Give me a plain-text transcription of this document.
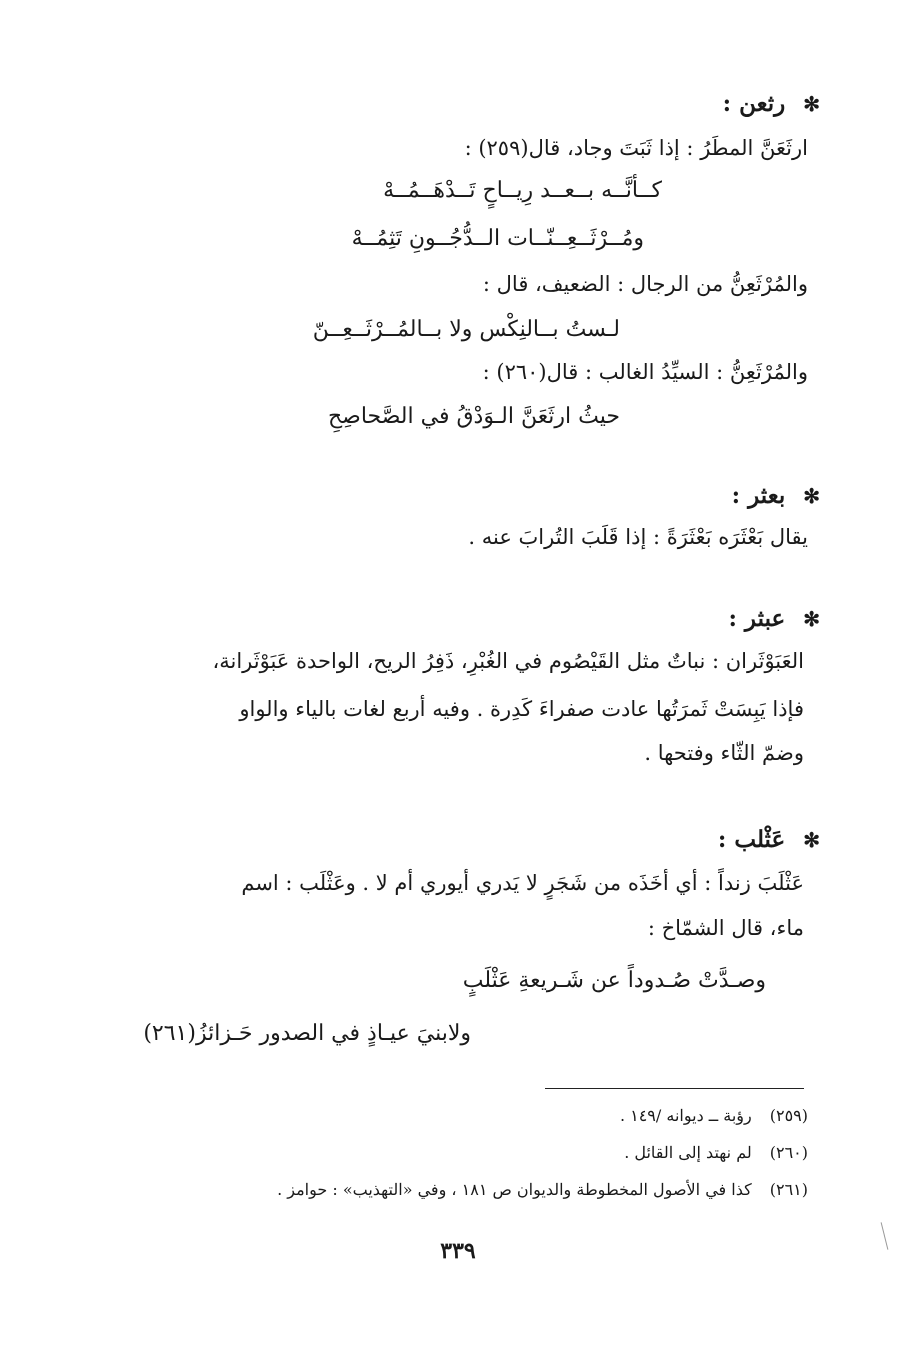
✻رثعن :
ارثَعَنَّ المطَرُ : إذا ثَبَتَ وجاد، قال(٢٥٩) :
كــأنَّــه بــعــد رِيــاحٍ تَــدْهَــمُــهْ
ومُــرْثَــعِــنّــات الــدُّجُــونِ تَثِمُــهْ
والمُرْثَعِنُّ من الرجال : الضعيف، قال :
لـستُ بــالنِكْس ولا بــالمُــرْثَــعِــنّ
والمُرْثَعِنُّ : السيِّدُ الغالب : قال(٢٦٠) :
حيثُ ارثَعَنَّ الـوَدْقُ في الصَّحاصِحِ
✻بعثر :
يقال بَعْثَرَه بَعْثَرَةً : إذا قَلَبَ التُرابَ عنه .
✻عبثر :
العَبَوْثَران : نباتٌ مثل القَيْصُوم في الغُبْرِ، ذَفِرُ الريح، الواحدة عَبَوْثَرانة،
فإذا يَبِسَتْ ثَمرَتُها عادت صفراءَ كَدِرة . وفيه أربع لغات بالياء والواو
وضمّ الثّاء وفتحها .
✻عَثْلب :
عَثْلَبَ زنداً : أي أخَذَه من شَجَرٍ لا يَدري أيوري أم لا . وعَثْلَب : اسم
ماء، قال الشمّاخ :
وصـدَّتْ صُـدوداً عن شَـريعةِ عَثْلَبٍ
ولابنيَ عيـاذٍ في الصدور حَـزائزُ(٢٦١)
(٢٥٩)رؤبة ــ ديوانه /١٤٩ .
(٢٦٠)لم نهتد إلى القائل .
(٢٦١)كذا في الأصول المخطوطة والديوان ص ١٨١ ، وفي «التهذيب» : حوامز .
٣٣٩
